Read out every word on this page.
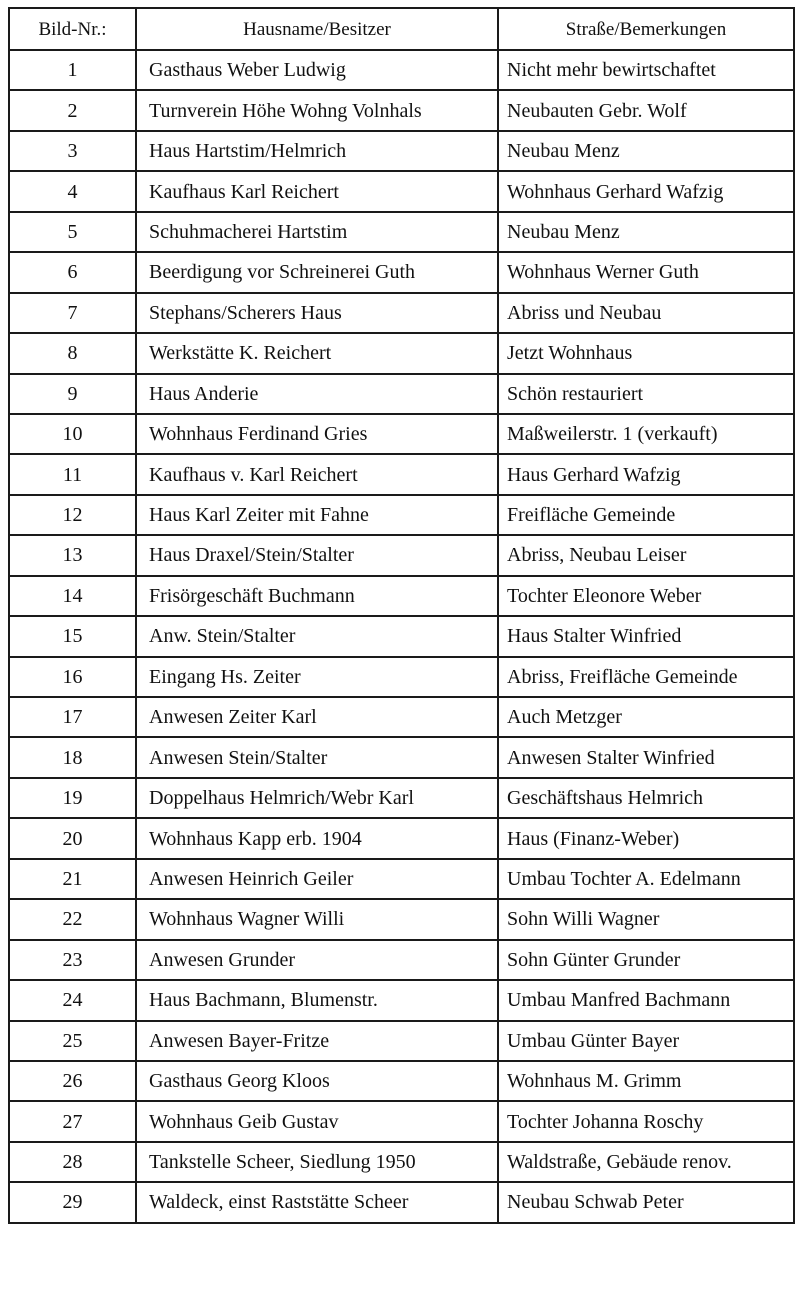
Bild-Nr.:	Hausname/Besitzer	Straße/Bemerkungen
1	Gasthaus Weber Ludwig	Nicht mehr bewirtschaftet
2	Turnverein Höhe Wohng Volnhals	Neubauten Gebr. Wolf
3	Haus Hartstim/Helmrich	Neubau Menz
4	Kaufhaus Karl Reichert	Wohnhaus Gerhard Wafzig
5	Schuhmacherei Hartstim	Neubau Menz
6	Beerdigung vor Schreinerei Guth	Wohnhaus Werner Guth
7	Stephans/Scherers Haus	Abriss und Neubau
8	Werkstätte K. Reichert	Jetzt Wohnhaus
9	Haus Anderie	Schön restauriert
10	Wohnhaus Ferdinand Gries	Maßweilerstr. 1 (verkauft)
11	Kaufhaus v. Karl Reichert	Haus Gerhard Wafzig
12	Haus Karl Zeiter mit Fahne	Freifläche Gemeinde
13	Haus Draxel/Stein/Stalter	Abriss, Neubau Leiser
14	Frisörgeschäft Buchmann	Tochter Eleonore Weber
15	Anw. Stein/Stalter	Haus Stalter Winfried
16	Eingang Hs. Zeiter	Abriss, Freifläche Gemeinde
17	Anwesen Zeiter Karl	Auch Metzger
18	Anwesen Stein/Stalter	Anwesen Stalter Winfried
19	Doppelhaus Helmrich/Webr Karl	Geschäftshaus Helmrich
20	Wohnhaus Kapp erb. 1904	Haus (Finanz-Weber)
21	Anwesen Heinrich Geiler	Umbau Tochter A. Edelmann
22	Wohnhaus Wagner Willi	Sohn Willi Wagner
23	Anwesen Grunder	Sohn Günter Grunder
24	Haus Bachmann, Blumenstr.	Umbau Manfred Bachmann
25	Anwesen Bayer-Fritze	Umbau Günter Bayer
26	Gasthaus Georg Kloos	Wohnhaus M. Grimm
27	Wohnhaus Geib Gustav	Tochter Johanna Roschy
28	Tankstelle Scheer, Siedlung 1950	Waldstraße, Gebäude renov.
29	Waldeck, einst Raststätte Scheer	Neubau Schwab Peter
